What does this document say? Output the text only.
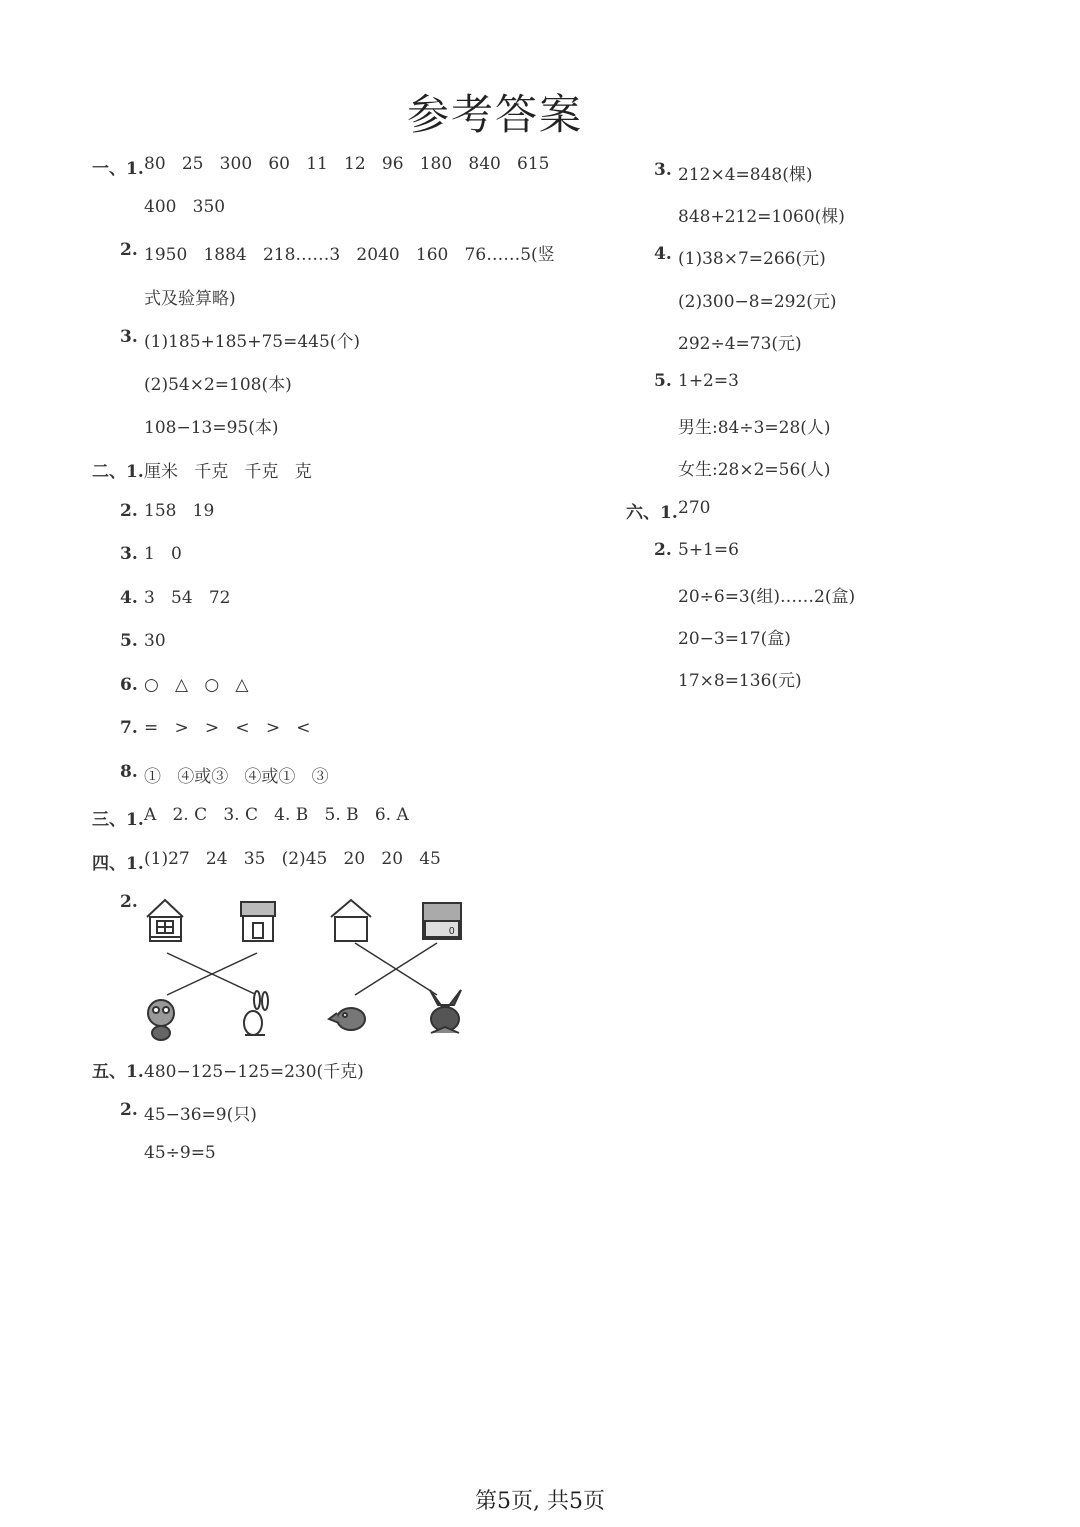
参考答案
一、1. 80   25   300   60   11   12   96   180   840   615
400   350
2. 1950   1884   218……3   2040   160   76……5(竖
式及验算略)
3. (1)185+185+75=445(个)
(2)54×2=108(本)
108−13=95(本)
二、1. 厘米   千克   千克   克
2. 158   19
3. 1   0
4. 3   54   72
5. 30
6. ○   △   ○   △
7. =   >   >   <   >   <
8. ①   ④或③   ④或①   ③
三、1. A   2. C   3. C   4. B   5. B   6. A
四、1. (1)27   24   35   (2)45   20   20   45
2.
五、1. 480−125−125=230(千克)
2. 45−36=9(只)
45÷9=5
3. 212×4=848(棵)
848+212=1060(棵)
4. (1)38×7=266(元)
(2)300−8=292(元)
292÷4=73(元)
5. 1+2=3
男生:84÷3=28(人)
女生:28×2=56(人)
六、1. 270
2. 5+1=6
20÷6=3(组)……2(盒)
20−3=17(盒)
17×8=136(元)
0
第5页, 共5页
